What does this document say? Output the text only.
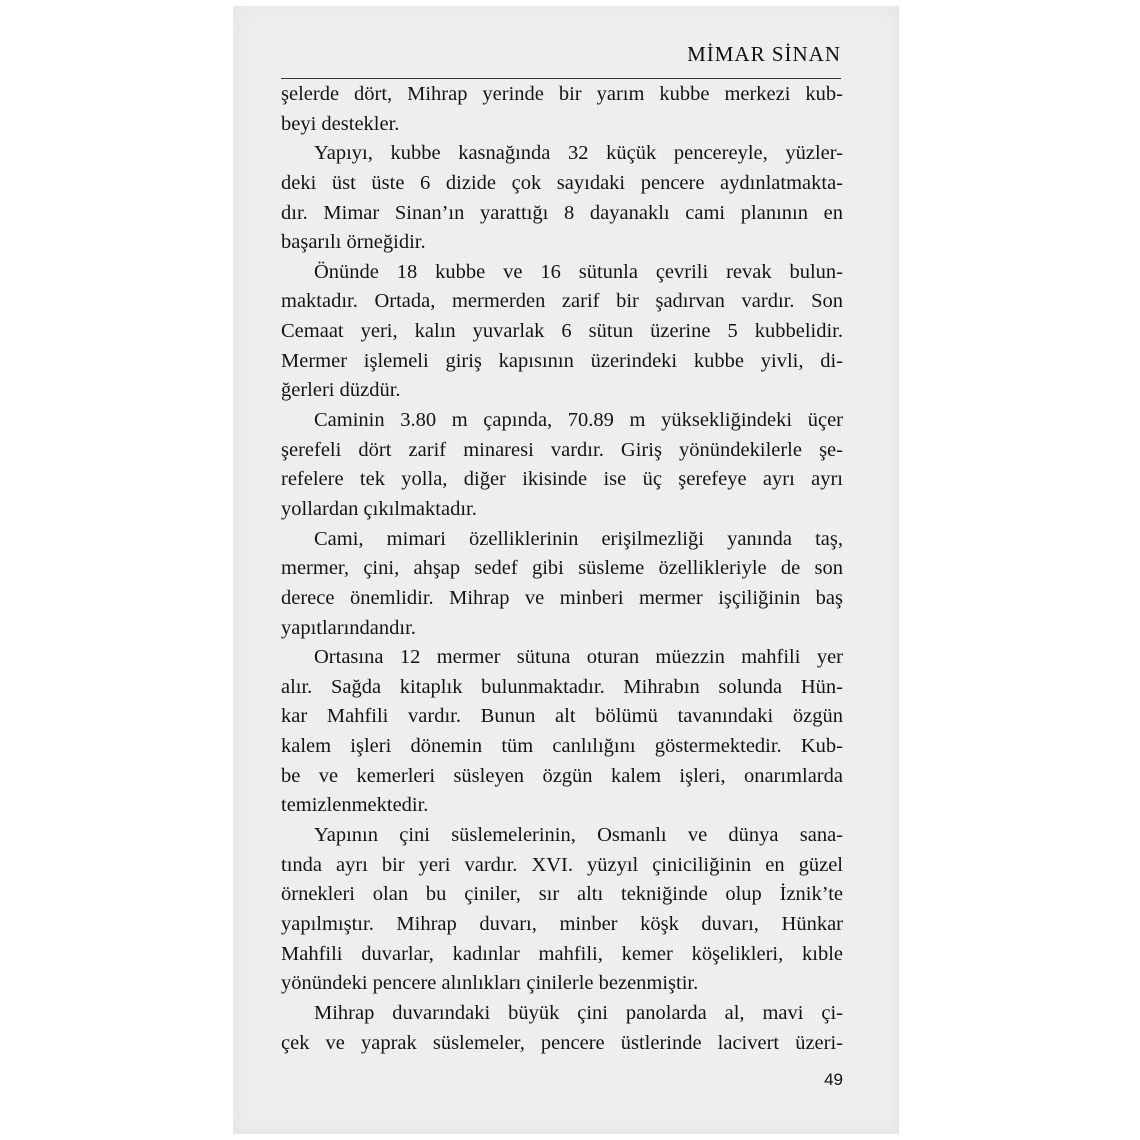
MİMAR SİNAN

şelerde dört, Mihrap yerinde bir yarım kubbe merkezi kub-
beyi destekler.
Yapıyı, kubbe kasnağında 32 küçük pencereyle, yüzler-
deki üst üste 6 dizide çok sayıdaki pencere aydınlatmakta-
dır. Mimar Sinan’ın yarattığı 8 dayanaklı cami planının en
başarılı örneğidir.
Önünde 18 kubbe ve 16 sütunla çevrili revak bulun-
maktadır. Ortada, mermerden zarif bir şadırvan vardır. Son
Cemaat yeri, kalın yuvarlak 6 sütun üzerine 5 kubbelidir.
Mermer işlemeli giriş kapısının üzerindeki kubbe yivli, di-
ğerleri düzdür.
Caminin 3.80 m çapında, 70.89 m yüksekliğindeki üçer
şerefeli dört zarif minaresi vardır. Giriş yönündekilerle şe-
refelere tek yolla, diğer ikisinde ise üç şerefeye ayrı ayrı
yollardan çıkılmaktadır.
Cami, mimari özelliklerinin erişilmezliği yanında taş,
mermer, çini, ahşap sedef gibi süsleme özellikleriyle de son
derece önemlidir. Mihrap ve minberi mermer işçiliğinin baş
yapıtlarındandır.
Ortasına 12 mermer sütuna oturan müezzin mahfili yer
alır. Sağda kitaplık bulunmaktadır. Mihrabın solunda Hün-
kar Mahfili vardır. Bunun alt bölümü tavanındaki özgün
kalem işleri dönemin tüm canlılığını göstermektedir. Kub-
be ve kemerleri süsleyen özgün kalem işleri, onarımlarda
temizlenmektedir.
Yapının çini süslemelerinin, Osmanlı ve dünya sana-
tında ayrı bir yeri vardır. XVI. yüzyıl çiniciliğinin en güzel
örnekleri olan bu çiniler, sır altı tekniğinde olup İznik’te
yapılmıştır. Mihrap duvarı, minber köşk duvarı, Hünkar
Mahfili duvarlar, kadınlar mahfili, kemer köşelikleri, kıble
yönündeki pencere alınlıkları çinilerle bezenmiştir.
Mihrap duvarındaki büyük çini panolarda al, mavi çi-
çek ve yaprak süslemeler, pencere üstlerinde lacivert üzeri-

49
